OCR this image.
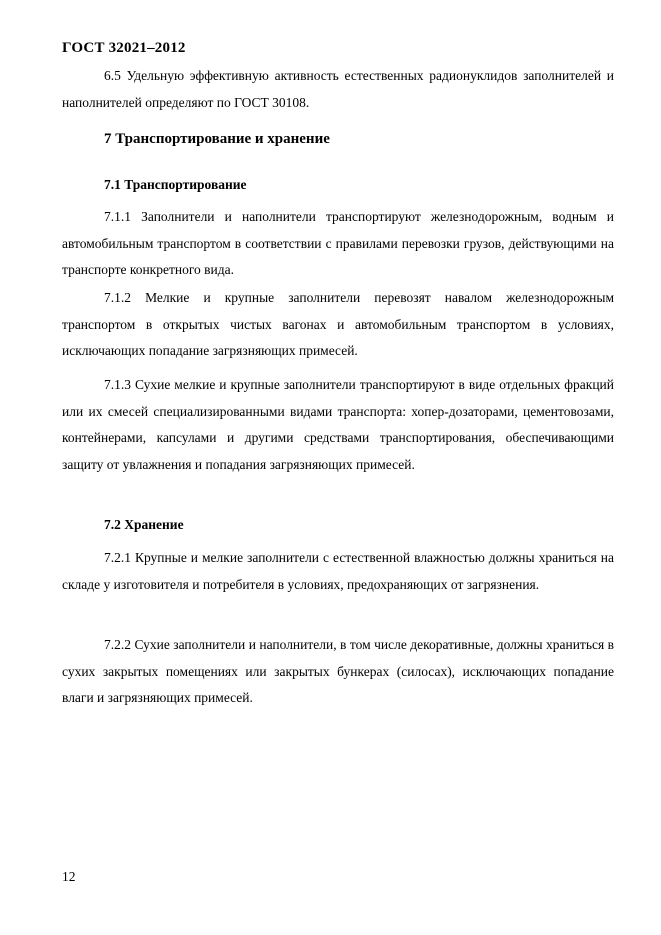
ГОСТ 32021–2012
6.5 Удельную эффективную активность естественных радионуклидов заполнителей и наполнителей определяют по ГОСТ 30108.
7 Транспортирование и хранение
7.1 Транспортирование
7.1.1 Заполнители и наполнители транспортируют железнодорожным, водным и автомобильным транспортом в соответствии с правилами перевозки грузов, действующими на транспорте конкретного вида.
7.1.2 Мелкие и крупные заполнители перевозят навалом железнодорожным транспортом в открытых чистых вагонах и автомобильным транспортом в условиях, исключающих попадание загрязняющих примесей.
7.1.3 Сухие мелкие и крупные заполнители транспортируют в виде отдельных фракций или их смесей специализированными видами транспорта: хопер-дозаторами, цементовозами, контейнерами, капсулами и другими средствами транспортирования, обеспечивающими защиту от увлажнения и попадания загрязняющих примесей.
7.2 Хранение
7.2.1 Крупные и мелкие заполнители с естественной влажностью должны храниться на складе у изготовителя и потребителя в условиях, предохраняющих от загрязнения.
7.2.2 Сухие заполнители и наполнители, в том числе декоративные, должны храниться в сухих закрытых помещениях или закрытых бункерах (силосах), исключающих попадание влаги и загрязняющих примесей.
12
